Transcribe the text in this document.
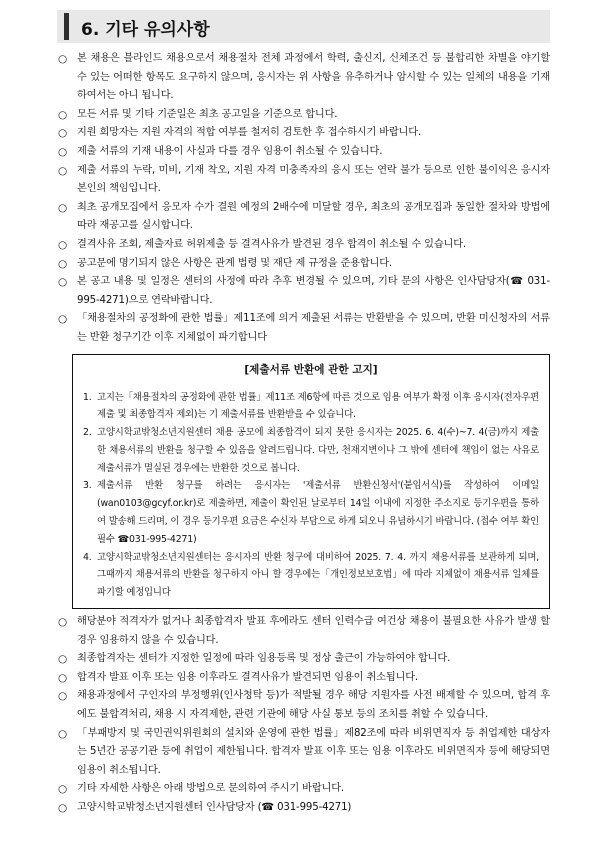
6. 기타 유의사항
○ 본 채용은 블라인드 채용으로서 채용절차 전체 과정에서 학력, 출신지, 신체조건 등 불합리한 차별을 야기할 수 있는 어떠한 항목도 요구하지 않으며, 응시자는 위 사항을 유추하거나 암시할 수 있는 일체의 내용을 기재하여서는 아니 됩니다.
○ 모든 서류 및 기타 기준일은 최초 공고일을 기준으로 합니다.
○ 지원 희망자는 지원 자격의 적합 여부를 철저히 검토한 후 접수하시기 바랍니다.
○ 제출 서류의 기재 내용이 사실과 다를 경우 임용이 취소될 수 있습니다.
○ 제출 서류의 누락, 미비, 기재 착오, 지원 자격 미충족자의 응시 또는 연락 불가 등으로 인한 불이익은 응시자 본인의 책임입니다.
○ 최초 공개모집에서 응모자 수가 결원 예정의 2배수에 미달할 경우, 최초의 공개모집과 동일한 절차와 방법에 따라 재공고를 실시합니다.
○ 결격사유 조회, 제출자료 허위제출 등 결격사유가 발견된 경우 합격이 취소될 수 있습니다.
○ 공고문에 명기되지 않은 사항은 관계 법령 및 재단 제 규정을 준용합니다.
○ 본 공고 내용 및 일정은 센터의 사정에 따라 추후 변경될 수 있으며, 기타 문의 사항은 인사담당자(☎ 031-995-4271)으로 연락바랍니다.
○ 「채용절차의 공정화에 관한 법률」제11조에 의거 제출된 서류는 반환받을 수 있으며, 반환 미신청자의 서류는 반환 청구기간 이후 지체없이 파기합니다
[제출서류 반환에 관한 고지]
1. 고지는「채용절차의 공정화에 관한 법률」제11조 제6항에 따른 것으로 임용 여부가 확정 이후 응시자(전자우편 제출 및 최종합격자 제외)는 기 제출서류를 반환받을 수 있습니다.
2. 고양시학교밖청소년지원센터 채용 공모에 최종합격이 되지 못한 응시자는 2025. 6. 4(수)~7. 4(금)까지 제출한 채용서류의 반환을 청구할 수 있음을 알려드립니다. 다만, 천재지변이나 그 밖에 센터에 책임이 없는 사유로 제출서류가 멸실된 경우에는 반환한 것으로 봅니다.
3. 제출서류 반환 청구를 하려는 응시자는 '제출서류 반환신청서'(붙임서식)를 작성하여 이메일(wan0103@gcyf.or.kr)로 제출하면, 제출이 확인된 날로부터 14일 이내에 지정한 주소지로 등기우편을 통하여 발송해 드리며, 이 경우 등기우편 요금은 수신자 부담으로 하게 되오니 유념하시기 바랍니다. (접수 여부 확인 필수 ☎031-995-4271)
4. 고양시학교밖청소년지원센터는 응시자의 반환 청구에 대비하여 2025. 7. 4. 까지 채용서류를 보관하게 되며, 그때까지 채용서류의 반환을 청구하지 아니 할 경우에는「개인정보보호법」에 따라 지체없이 채용서류 일체를 파기할 예정입니다
○ 해당분야 적격자가 없거나 최종합격자 발표 후에라도 센터 인력수급 여건상 채용이 불필요한 사유가 발생 할 경우 임용하지 않을 수 있습니다.
○ 최종합격자는 센터가 지정한 일정에 따라 임용등록 및 정상 출근이 가능하여야 합니다.
○ 합격자 발표 이후 또는 임용 이후라도 결격사유가 발견되면 임용이 취소됩니다.
○ 채용과정에서 구인자의 부정행위(인사청탁 등)가 적발될 경우 해당 지원자를 사전 배제할 수 있으며, 합격 후에도 불합격처리, 채용 시 자격제한, 관련 기관에 해당 사실 통보 등의 조치를 취할 수 있습니다.
○ 「부패방지 및 국민권익위원회의 설치와 운영에 관한 법률」제82조에 따라 비위면직자 등 취업제한 대상자는 5년간 공공기관 등에 취업이 제한됩니다. 합격자 발표 이후 또는 임용 이후라도 비위면직자 등에 해당되면 임용이 취소됩니다.
○ 기타 자세한 사항은 아래 방법으로 문의하여 주시기 바랍니다.
○ 고양시학교밖청소년지원센터 인사담당자 (☎ 031-995-4271)
